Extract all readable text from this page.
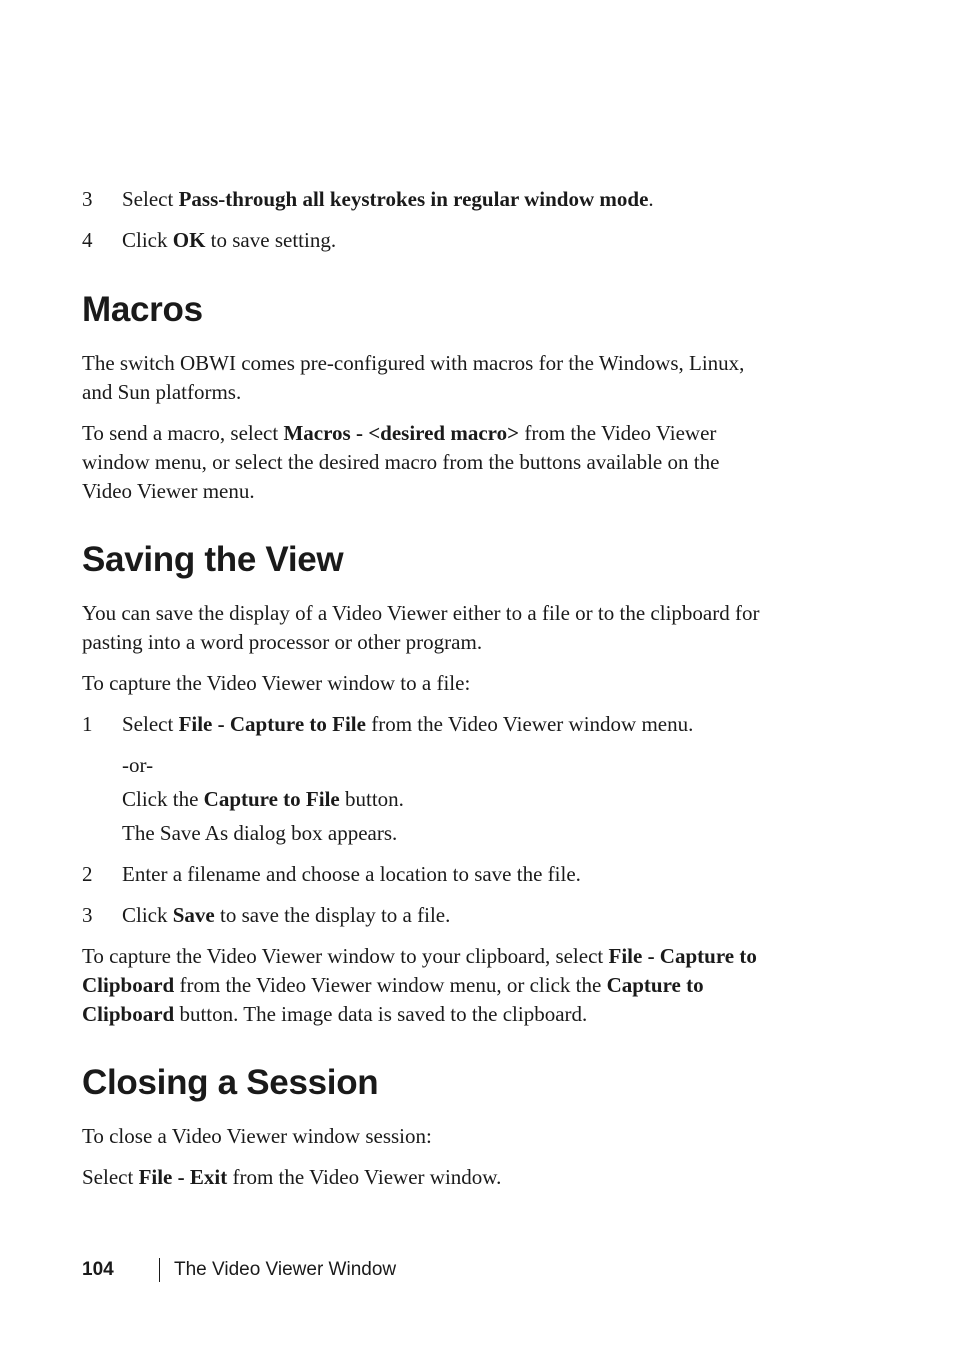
3 Select Pass-through all keystrokes in regular window mode.
4 Click OK to save setting.
Macros
The switch OBWI comes pre-configured with macros for the Windows, Linux,
and Sun platforms.
To send a macro, select Macros - <desired macro> from the Video Viewer
window menu, or select the desired macro from the buttons available on the
Video Viewer menu.
Saving the View
You can save the display of a Video Viewer either to a file or to the clipboard for
pasting into a word processor or other program.
To capture the Video Viewer window to a file:
1 Select File - Capture to File from the Video Viewer window menu.
-or-
Click the Capture to File button.
The Save As dialog box appears.
2 Enter a filename and choose a location to save the file.
3 Click Save to save the display to a file.
To capture the Video Viewer window to your clipboard, select File - Capture to
Clipboard from the Video Viewer window menu, or click the Capture to
Clipboard button. The image data is saved to the clipboard.
Closing a Session
To close a Video Viewer window session:
Select File - Exit from the Video Viewer window.
104	The Video Viewer Window
